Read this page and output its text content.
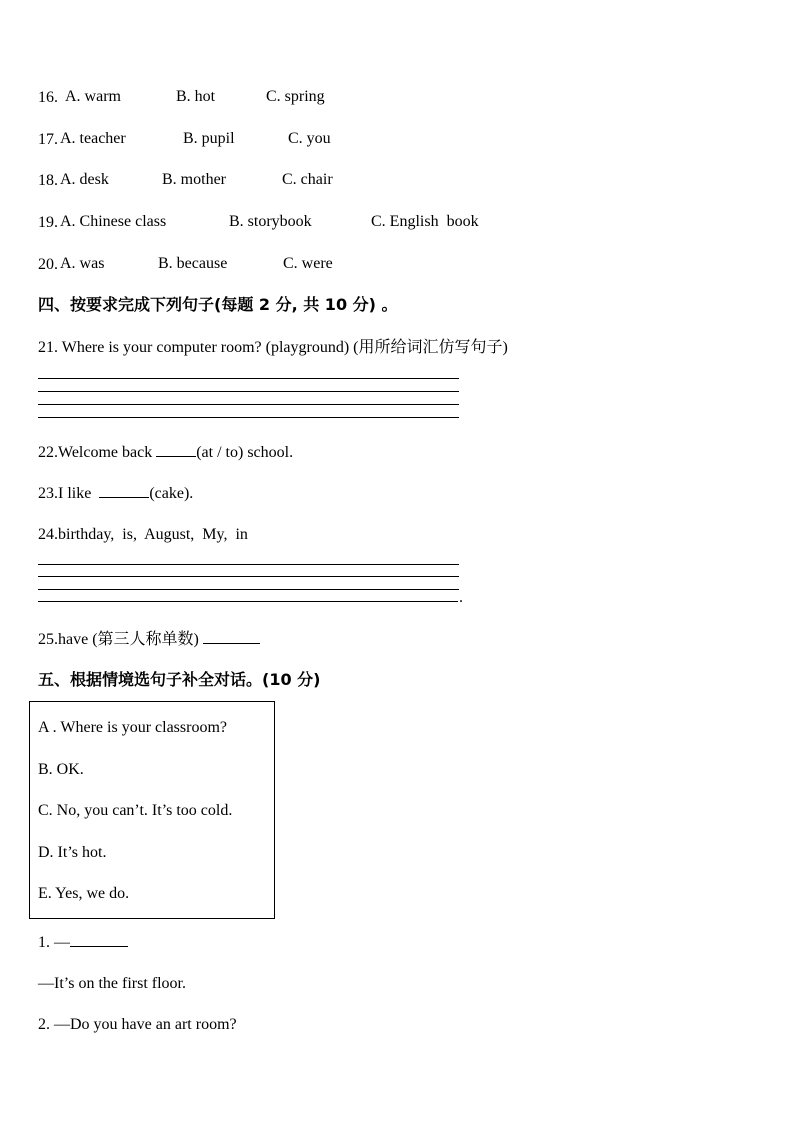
16. A. warm	B. hot	C. spring
17. A. teacher	B. pupil	C. you
18. A. desk	B. mother	C. chair
19. A. Chinese class	B. storybook	C. English  book
20. A. was	B. because	C. were
四、按要求完成下列句子(每题 2 分, 共 10 分) 。
21. Where is your computer room? (playground) (用所给词汇仿写句子)
22.Welcome back	(at / to) school.
23.I like	(cake).
24.birthday,  is,  August,  My,  in
.
25.have (第三人称单数)
五、根据情境选句子补全对话。(10 分)
A . Where is your classroom?
B. OK.
C. No, you can’t. It’s too cold.
D. It’s hot.
E. Yes, we do.
1. —
—It’s on the first floor.
2. —Do you have an art room?
